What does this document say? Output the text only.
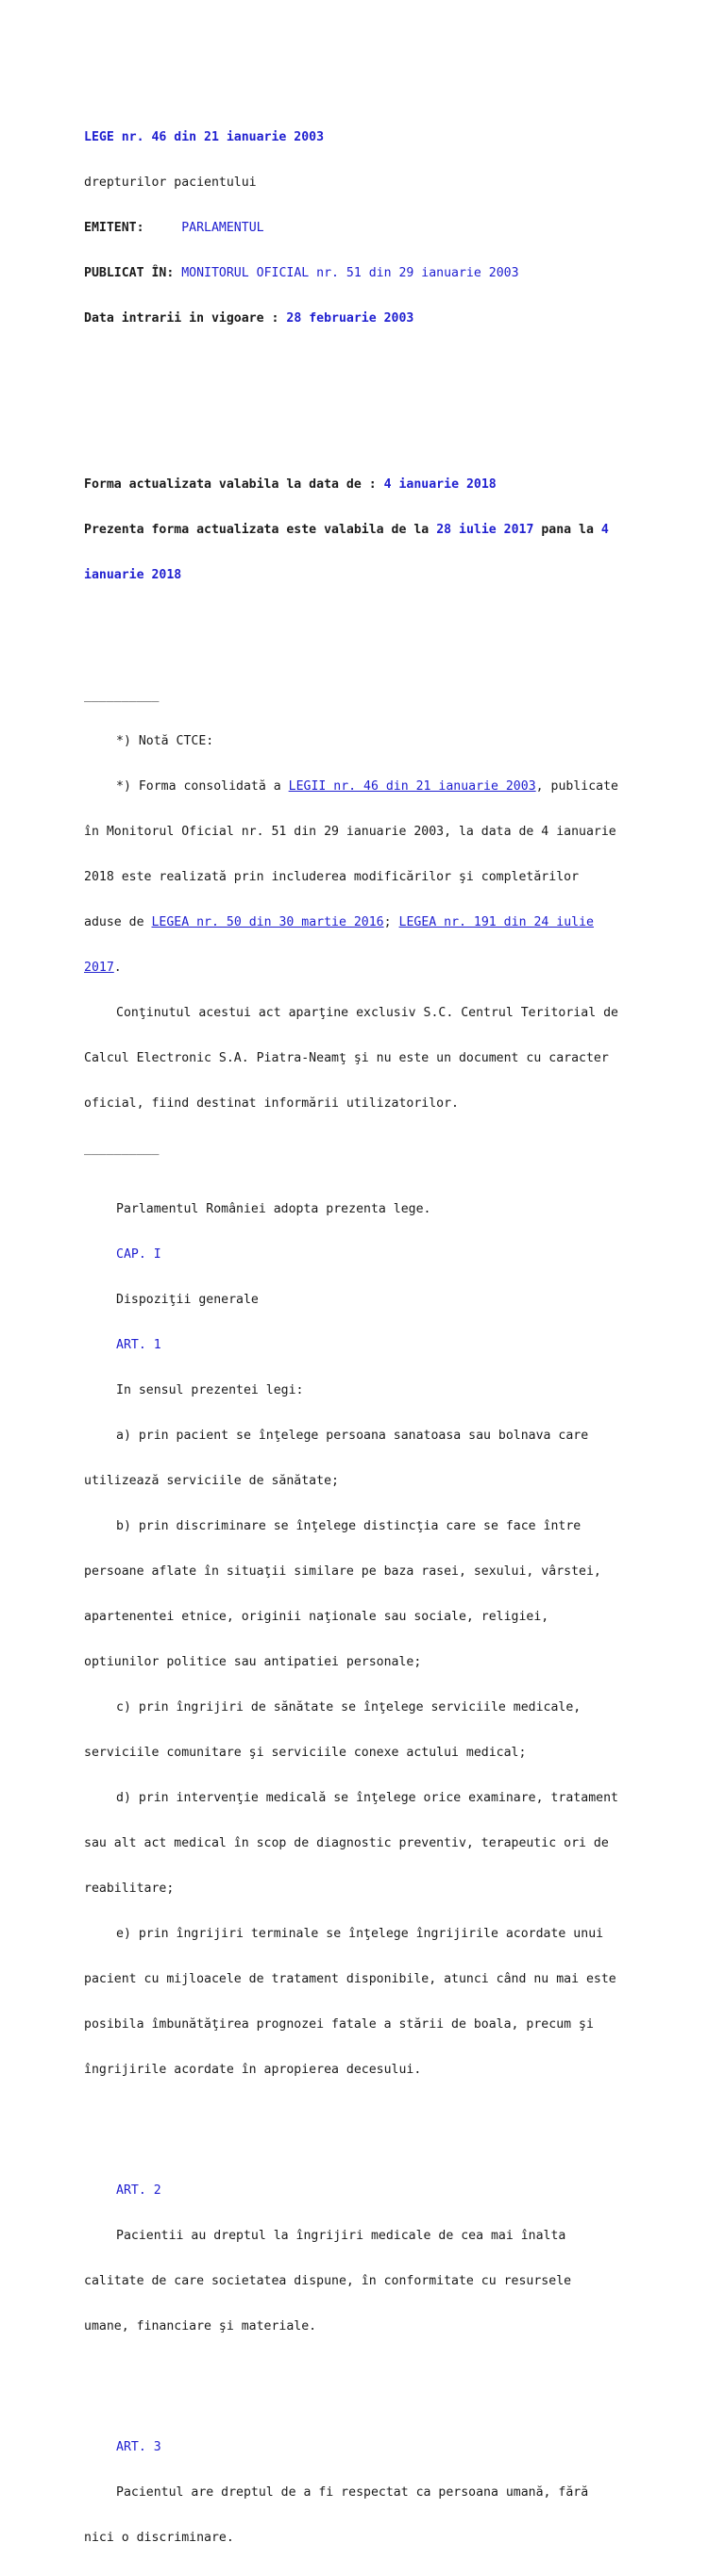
LEGE nr. 46 din 21 ianuarie 2003

drepturilor pacientului

EMITENT:	PARLAMENTUL

PUBLICAT ÎN: MONITORUL OFICIAL nr. 51 din 29 ianuarie 2003

Data intrarii in vigoare : 28 februarie 2003

Forma actualizata valabila la data de : 4 ianuarie 2018

Prezenta forma actualizata este valabila de la 28 iulie 2017 pana la 4

ianuarie 2018

__________

*) Notă CTCE:

*) Forma consolidată a LEGII nr. 46 din 21 ianuarie 2003, publicate

în Monitorul Oficial nr. 51 din 29 ianuarie 2003, la data de 4 ianuarie

2018 este realizată prin includerea modificărilor şi completărilor

aduse de LEGEA nr. 50 din 30 martie 2016; LEGEA nr. 191 din 24 iulie

2017.

Conţinutul acestui act aparţine exclusiv S.C. Centrul Teritorial de

Calcul Electronic S.A. Piatra-Neamţ şi nu este un document cu caracter

oficial, fiind destinat informării utilizatorilor.

__________

Parlamentul României adopta prezenta lege.

CAP. I

Dispoziţii generale

ART. 1

In sensul prezentei legi:

a) prin pacient se înţelege persoana sanatoasa sau bolnava care

utilizează serviciile de sănătate;

b) prin discriminare se înţelege distincţia care se face între

persoane aflate în situaţii similare pe baza rasei, sexului, vârstei,

apartenentei etnice, originii naţionale sau sociale, religiei,

optiunilor politice sau antipatiei personale;

c) prin îngrijiri de sănătate se înţelege serviciile medicale,

serviciile comunitare şi serviciile conexe actului medical;

d) prin intervenţie medicală se înţelege orice examinare, tratament

sau alt act medical în scop de diagnostic preventiv, terapeutic ori de

reabilitare;

e) prin îngrijiri terminale se înţelege îngrijirile acordate unui

pacient cu mijloacele de tratament disponibile, atunci când nu mai este

posibila îmbunătăţirea prognozei fatale a stării de boala, precum şi

îngrijirile acordate în apropierea decesului.

ART. 2

Pacientii au dreptul la îngrijiri medicale de cea mai înalta

calitate de care societatea dispune, în conformitate cu resursele

umane, financiare şi materiale.

ART. 3

Pacientul are dreptul de a fi respectat ca persoana umană, fără

nici o discriminare.
